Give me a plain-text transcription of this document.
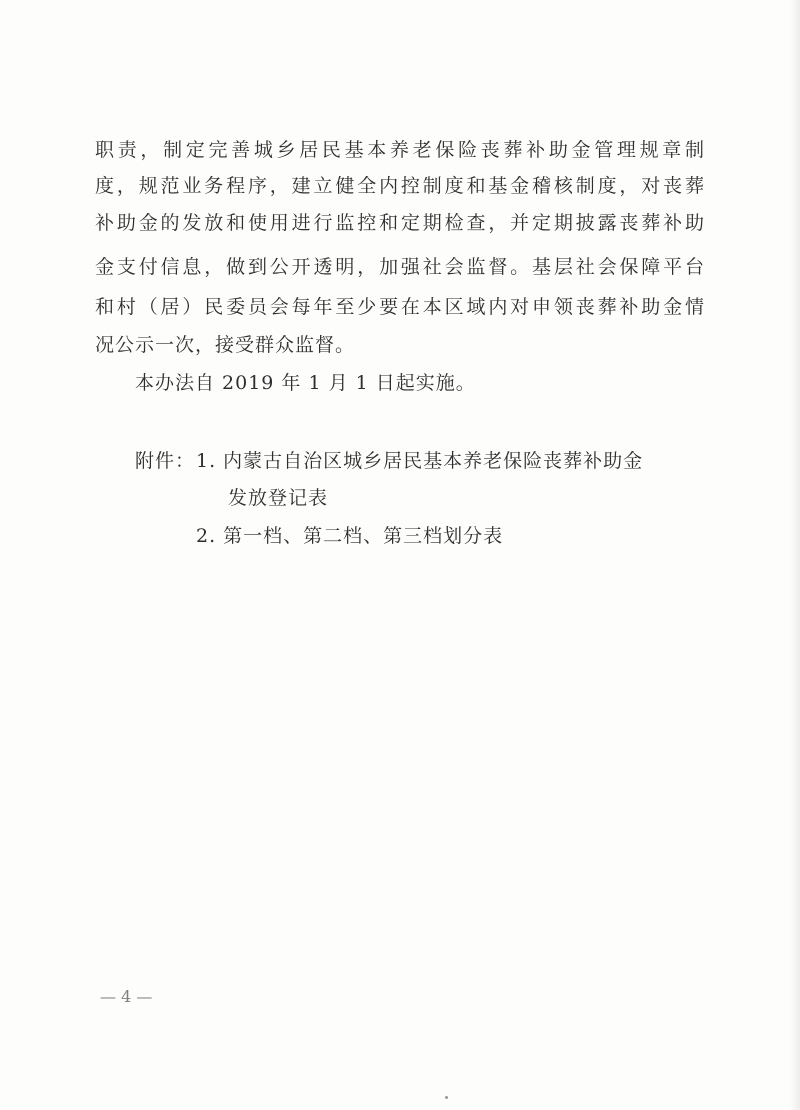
职责，制定完善城乡居民基本养老保险丧葬补助金管理规章制
度，规范业务程序，建立健全内控制度和基金稽核制度，对丧葬
补助金的发放和使用进行监控和定期检查，并定期披露丧葬补助
金支付信息，做到公开透明，加强社会监督。基层社会保障平台
和村（居）民委员会每年至少要在本区域内对申领丧葬补助金情
况公示一次，接受群众监督。
本办法自 2019 年 1 月 1 日起实施。
附件： 1. 内蒙古自治区城乡居民基本养老保险丧葬补助金
发放登记表
2. 第一档、第二档、第三档划分表
— 4 —
